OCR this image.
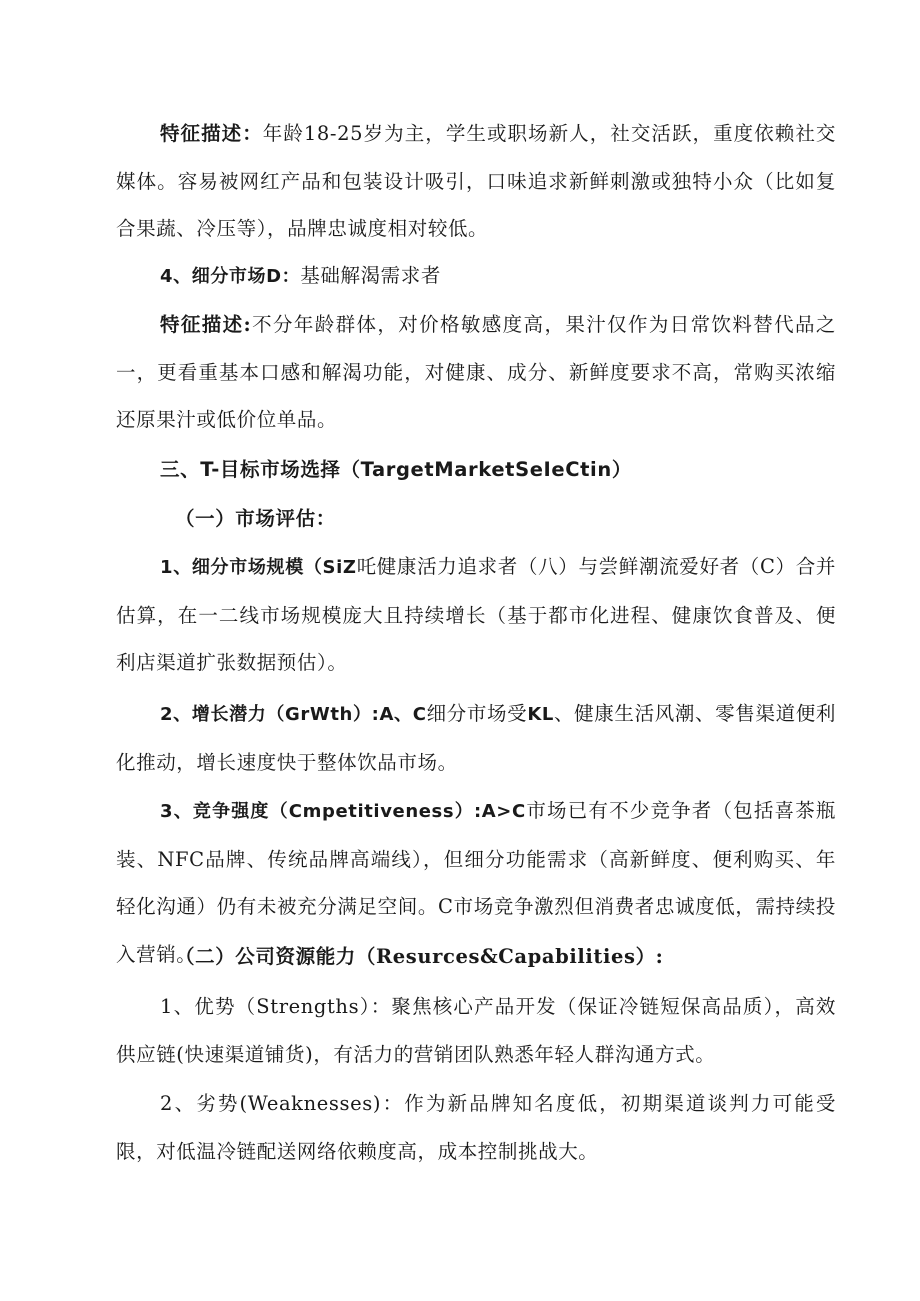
特征描述：年龄18-25岁为主，学生或职场新人，社交活跃，重度依赖社交媒体。容易被网红产品和包装设计吸引，口味追求新鲜刺激或独特小众（比如复合果蔬、冷压等），品牌忠诚度相对较低。

4、细分市场D：基础解渴需求者

特征描述:不分年龄群体，对价格敏感度高，果汁仅作为日常饮料替代品之一，更看重基本口感和解渴功能，对健康、成分、新鲜度要求不高，常购买浓缩还原果汁或低价位单品。

三、T-目标市场选择（TargetMarketSeIeCtin）

（一）市场评估：

1、细分市场规模（SiZ吒健康活力追求者（八）与尝鲜潮流爱好者（C）合并估算，在一二线市场规模庞大且持续增长（基于都市化进程、健康饮食普及、便利店渠道扩张数据预估）。

2、增长潜力（GrWth）:A、C细分市场受KL、健康生活风潮、零售渠道便利化推动，增长速度快于整体饮品市场。

3、竞争强度（Cmpetitiveness）:A>C市场已有不少竞争者（包括喜茶瓶装、NFC品牌、传统品牌高端线），但细分功能需求（高新鲜度、便利购买、年轻化沟通）仍有未被充分满足空间。C市场竞争激烈但消费者忠诚度低，需持续投入营销。

（二）公司资源能力（Resurces&Capabilities）:

1、优势（Strengths）：聚焦核心产品开发（保证冷链短保高品质），高效供应链(快速渠道铺货)，有活力的营销团队熟悉年轻人群沟通方式。

2、劣势(Weaknesses)：作为新品牌知名度低，初期渠道谈判力可能受限，对低温冷链配送网络依赖度高，成本控制挑战大。
